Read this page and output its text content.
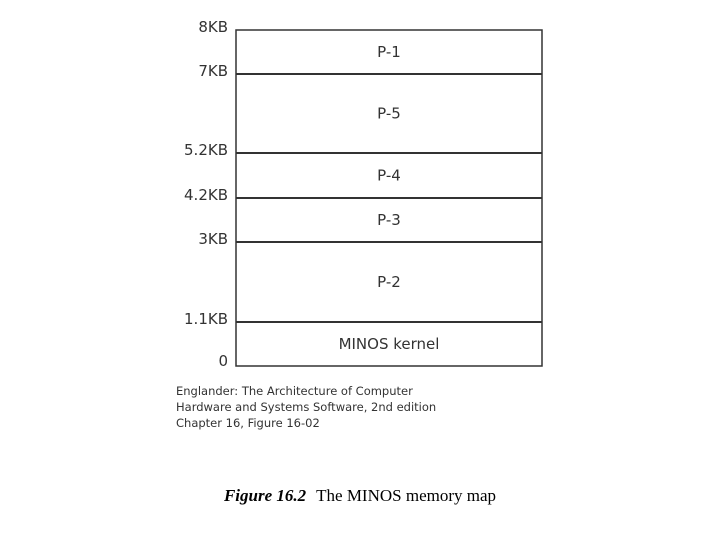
8KB
7KB
5.2KB
4.2KB
3KB
1.1KB
0
P-1
P-5
P-4
P-3
P-2
MINOS kernel
Englander: The Architecture of Computer
Hardware and Systems Software, 2nd edition
Chapter 16, Figure 16-02
Figure 16.2 The MINOS memory map
